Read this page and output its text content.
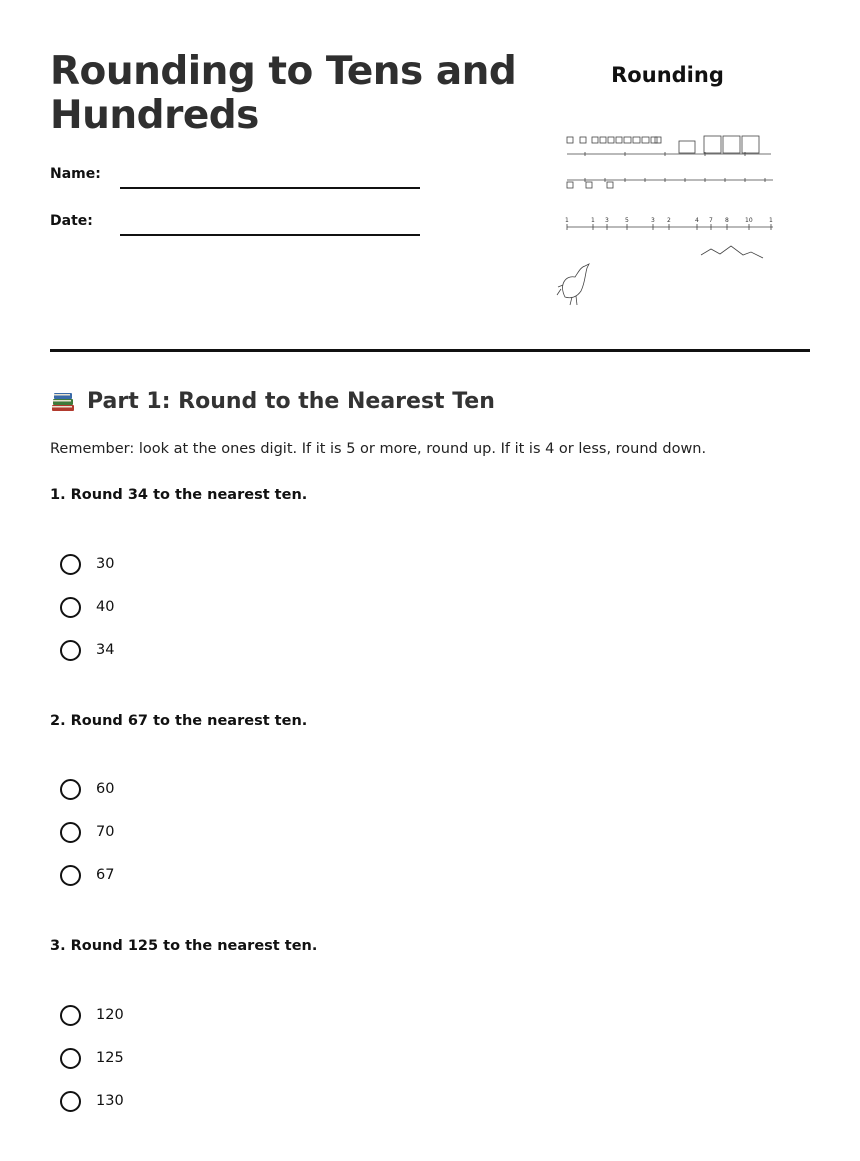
Rounding to Tens and Hundreds
Name:
Date:
Rounding
1	1 3	5	3 2	4 7 8	10	1
Part 1: Round to the Nearest Ten
Remember: look at the ones digit. If it is 5 or more, round up. If it is 4 or less, round down.
1. Round 34 to the nearest ten.
30
40
34
2. Round 67 to the nearest ten.
60
70
67
3. Round 125 to the nearest ten.
120
125
130
